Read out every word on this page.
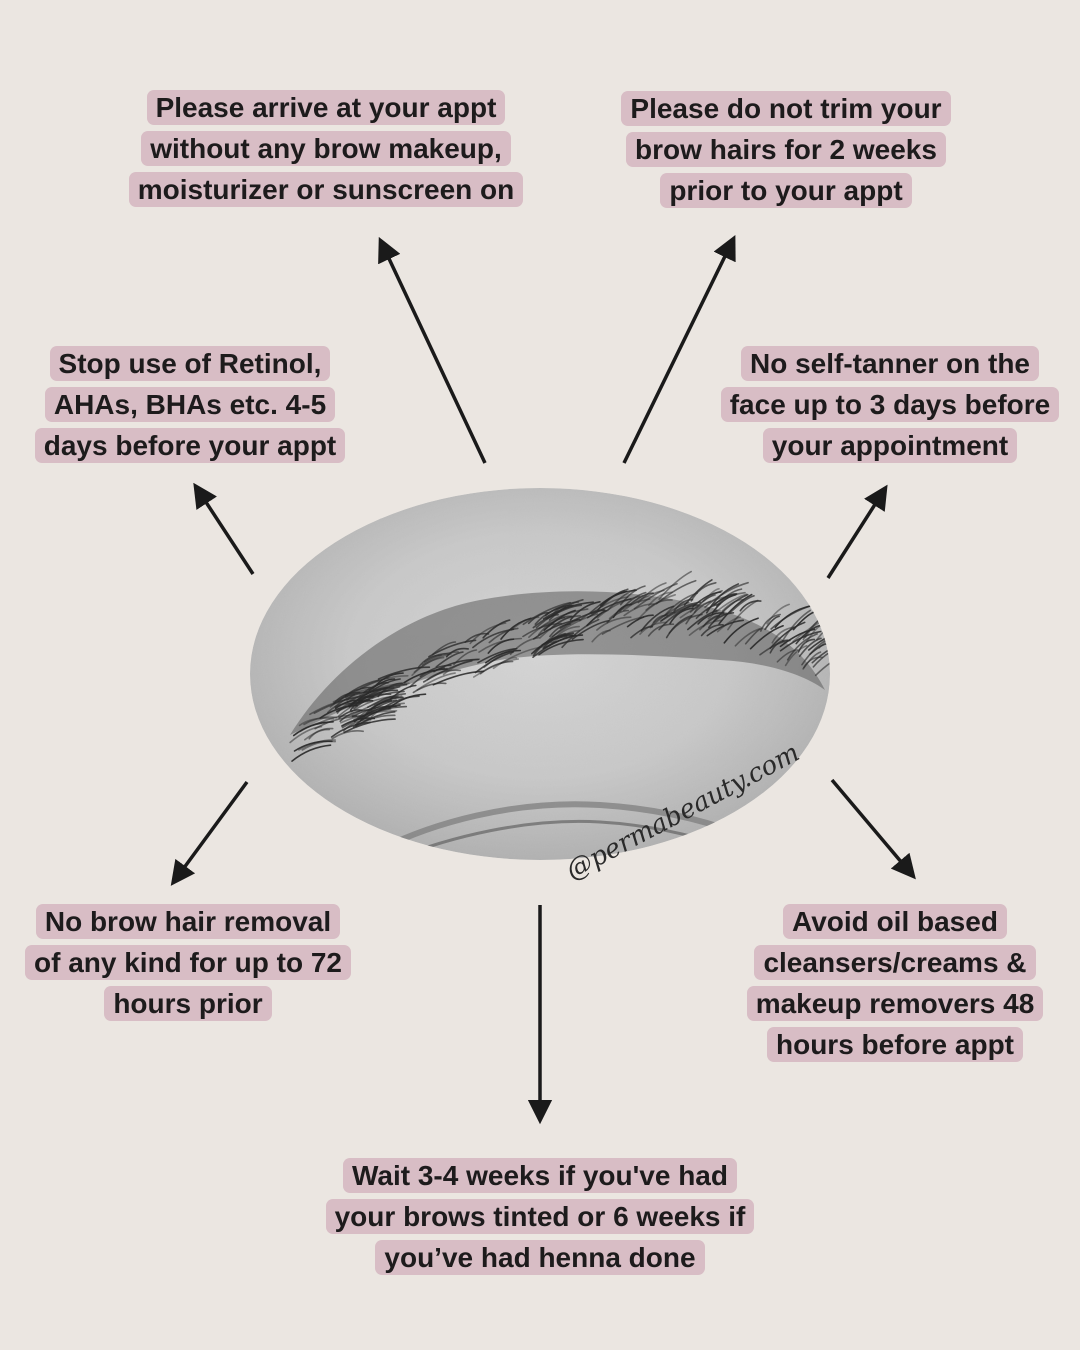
@permabeauty.com
Please arrive at your appt
without any brow makeup,
moisturizer or sunscreen on
Please do not trim your
brow hairs for 2 weeks
prior to your appt
Stop use of Retinol,
AHAs, BHAs etc. 4-5
days before your appt
No self-tanner on the
face up to 3 days before
your appointment
No brow hair removal
of any kind for up to 72
hours prior
Avoid oil based
cleansers/creams &
makeup removers 48
hours before appt
Wait 3-4 weeks if you've had
your brows tinted or 6 weeks if
you’ve had henna done
